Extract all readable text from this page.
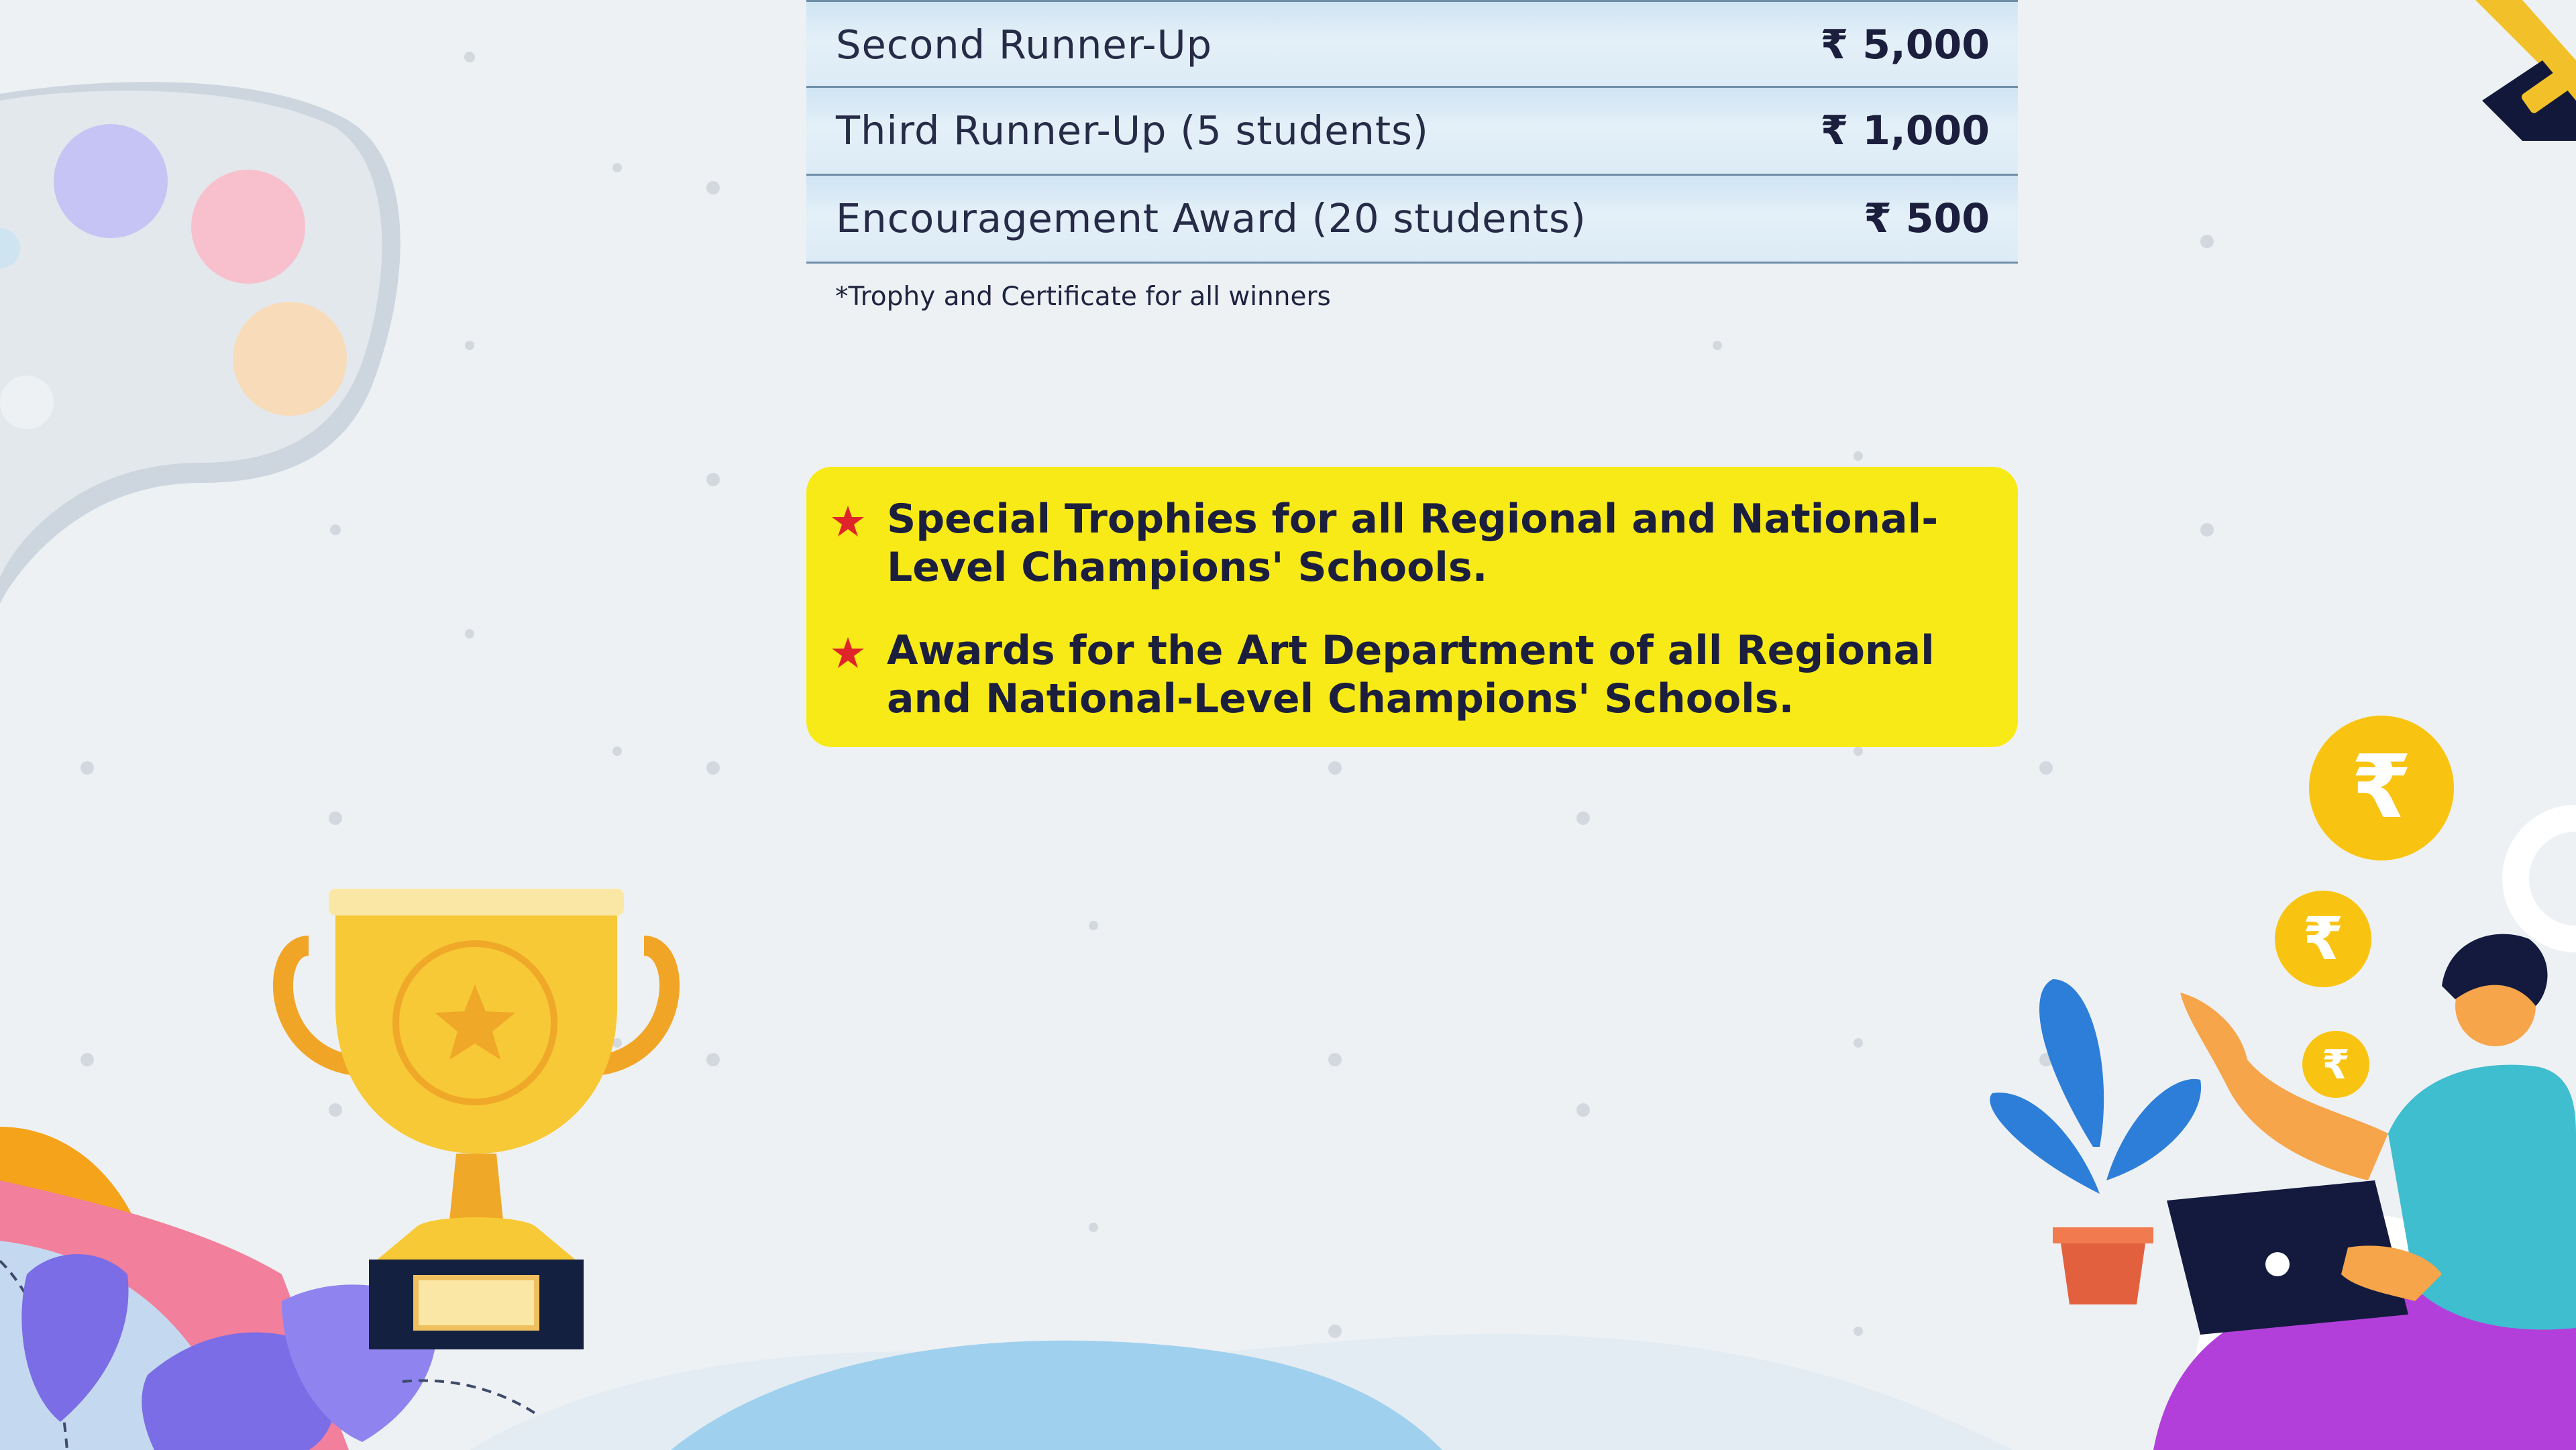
₹
₹
₹
Second Runner-Up	₹ 5,000
Third Runner-Up (5 students)	₹ 1,000
Encouragement Award (20 students)	₹ 500
*Trophy and Certificate for all winners
Special Trophies for all Regional and National-Level Champions' Schools.
Awards for the Art Department of all Regional and National-Level Champions' Schools.
